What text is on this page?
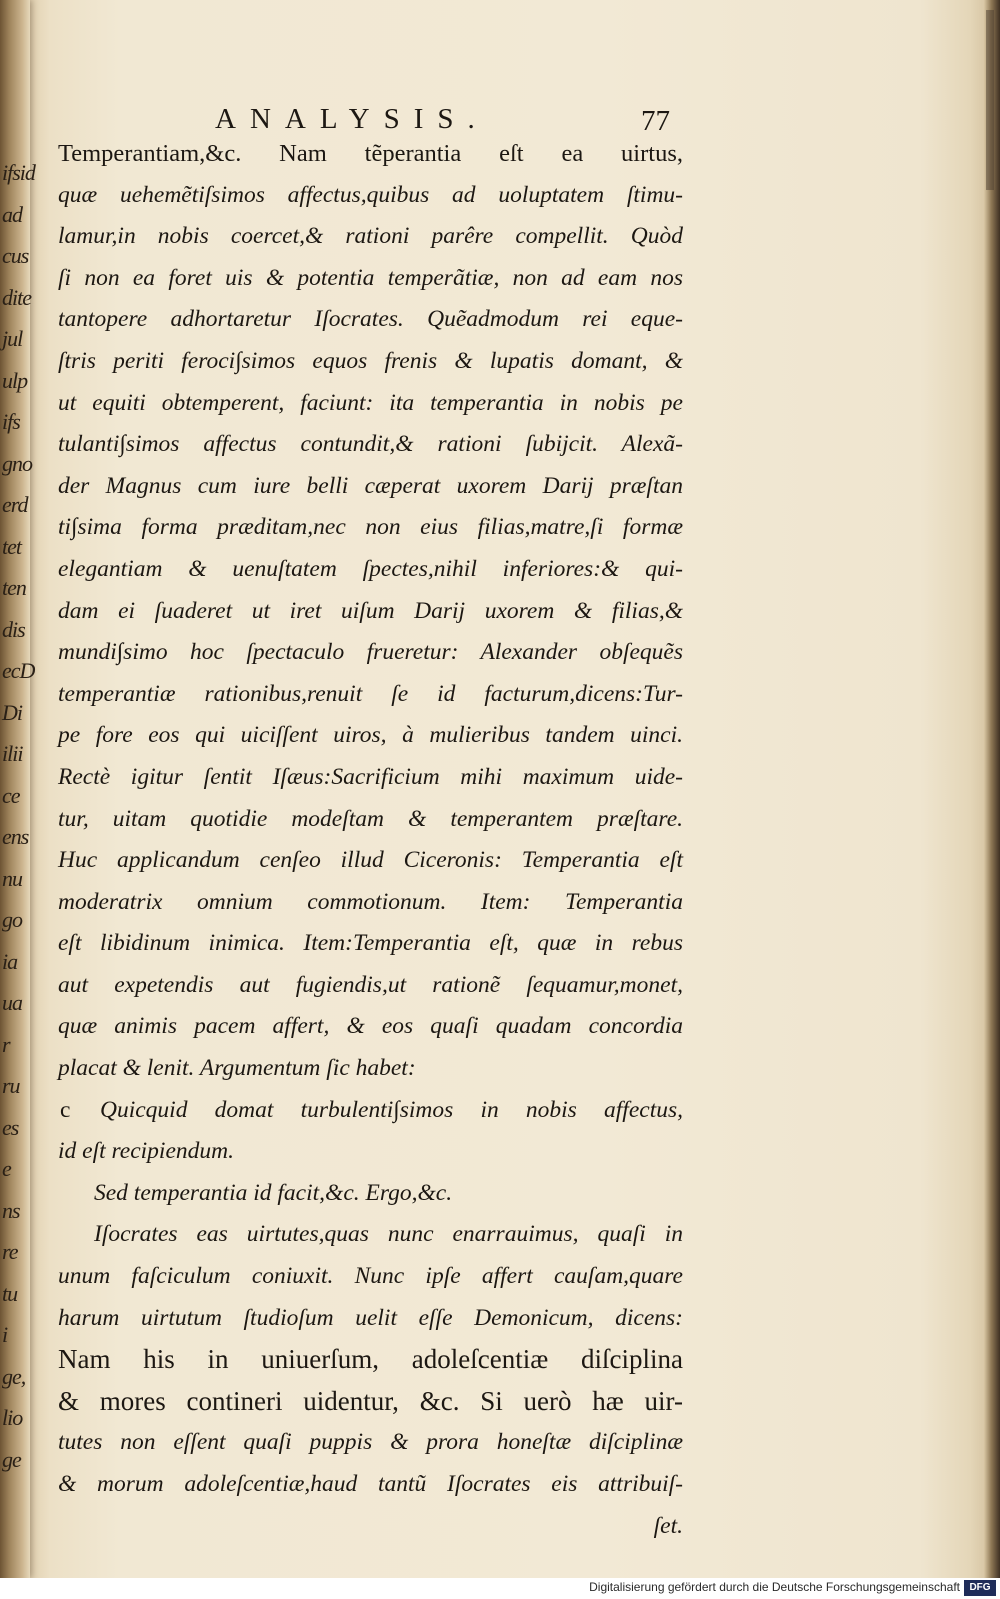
ifsid
ad
cus
dite
jul
ulp
ifs
gno
erd
tet
ten
dis
ecD
Di
ilii
ce
ens
nu
go
ia
ua
r
ru
es
e
ns
re
tu
i
ge,
lio
ge
ANALYSIS.	77
Temperantiam,&c. Nam tẽperantia eſt ea uirtus,
quæ uehemẽtiſsimos affectus,quibus ad uoluptatem ſtimu-
lamur,in nobis coercet,& rationi parêre compellit. Quòd
ſi non ea foret uis & potentia temperãtiæ, non ad eam nos
tantopere adhortaretur Iſocrates. Quẽadmodum rei eque-
ſtris periti feroci∫simos equos frenis & lupatis domant, &
ut equiti obtemperent, faciunt: ita temperantia in nobis pe
tulanti∫simos affectus contundit,& rationi ſubijcit. Alexã-
der Magnus cum iure belli cæperat uxorem Darij præſtan
ti∫sima forma præditam,nec non eius filias,matre,ſi formæ
elegantiam & uenuſtatem ſpectes,nihil inferiores:& qui-
dam ei ſuaderet ut iret uiſum Darij uxorem & filias,&
mundi∫simo hoc ſpectaculo frueretur: Alexander obſequẽs
temperantiæ rationibus,renuit ſe id facturum,dicens:Tur-
pe fore eos qui uiciſſent uiros, à mulieribus tandem uinci.
Rectè igitur ſentit Iſæus:Sacrificium mihi maximum uide-
tur, uitam quotidie modeſtam & temperantem præſtare.
Huc applicandum cenſeo illud Ciceronis: Temperantia eſt
moderatrix omnium commotionum. Item: Temperantia
eſt libidinum inimica. Item:Temperantia eſt, quæ in rebus
aut expetendis aut fugiendis,ut rationẽ ſequamur,monet,
quæ animis pacem affert, & eos quaſi quadam concordia
placat & lenit. Argumentum ſic habet:
c Quicquid domat turbulenti∫simos in nobis affectus,
id eſt recipiendum.
Sed temperantia id facit,&c. Ergo,&c.
Iſocrates eas uirtutes,quas nunc enarrauimus, quaſi in
unum faſciculum coniuxit. Nunc ipſe affert cauſam,quare
harum uirtutum ſtudioſum uelit eſſe Demonicum, dicens:
Nam his in uniuerſum, adoleſcentiæ diſciplina
& mores contineri uidentur, &c. Si uerò hæ uir-
tutes non eſſent quaſi puppis & prora honeſtæ diſciplinæ
& morum adoleſcentiæ,haud tantũ Iſocrates eis attribuiſ-
ſet.
Digitalisierung gefördert durch die Deutsche Forschungsgemeinschaft DFG
